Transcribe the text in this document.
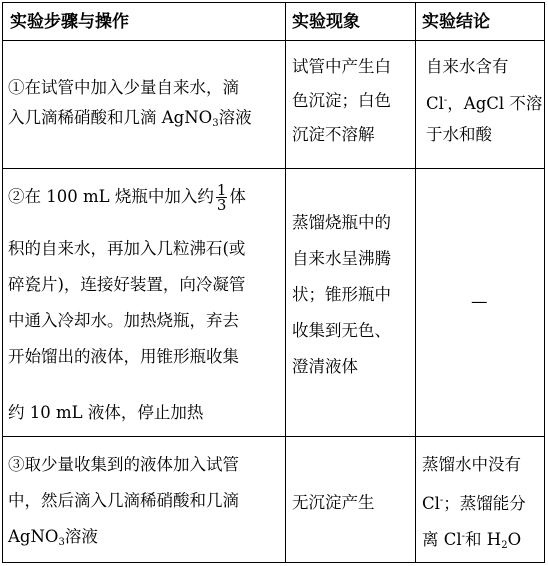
实验步骤与操作	实验现象	实验结论
①在试管中加入少量自来水，滴
入几滴稀硝酸和几滴 AgNO$_3$溶液
试管中产生白
色沉淀；白色
沉淀不溶解
自来水含有
Cl-，AgCl 不溶
于水和酸
②在 100 mL 烧瓶中加入约 $\frac{1}{3}$ 体
积的自来水，再加入几粒沸石(或
碎瓷片)，连接好装置，向冷凝管
中通入冷却水。加热烧瓶，弃去
开始馏出的液体，用锥形瓶收集
约 10 mL 液体，停止加热
蒸馏烧瓶中的
自来水呈沸腾
状；锥形瓶中
收集到无色、
澄清液体
—
③取少量收集到的液体加入试管
中，然后滴入几滴稀硝酸和几滴
AgNO$_3$溶液
无沉淀产生
蒸馏水中没有
Cl-；蒸馏能分
离 Cl-和 $H_2O$
